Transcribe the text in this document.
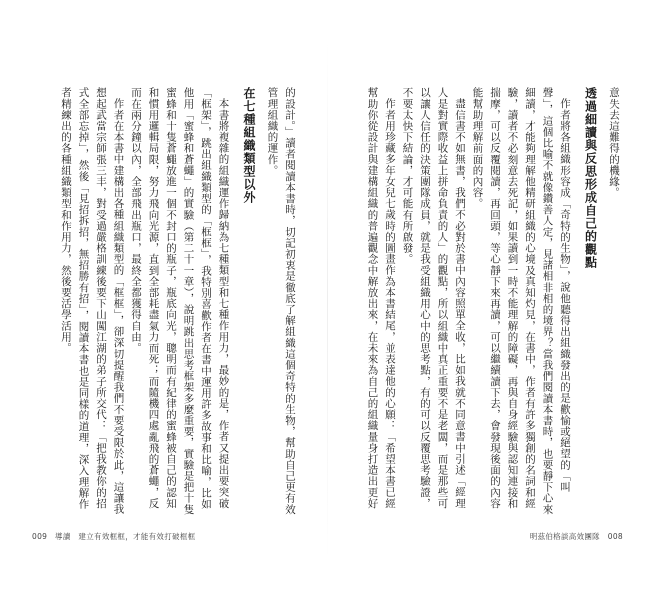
的設計。」讀者閱讀本書時，切記初衷是徹底了解組織這個奇特的生物，幫助自己更有效管理組織的運作。

在七種組織類型以外

本書將複雜的組織運作歸納為七種類型和七種作用力，最妙的是，作者又提出要突破「框架」，跳出組織類型的「框框」，我特別喜歡作者在書中運用許多故事和比喻，比如他用「蜜蜂和蒼蠅」的實驗（第二十一章），說明跳出思考框架多麼重要，實驗是把十隻蜜蜂和十隻蒼蠅放進一個不封口的瓶子，瓶底向光，聰明而有紀律的蜜蜂被自己的認知和慣用邏輯局限，努力飛向光源，直到全部耗盡氣力而死；而隨機四處亂飛的蒼蠅，反而在兩分鐘以內，全部飛出瓶口，最終全都獲得自由。

作者在本書中建構出各種組織類型的「框框」，卻深切提醒我們不要受限於此，這讓我想起武當宗師張三丰，對受過嚴格訓練後要下山闖江湖的弟子所交代：「把我教你的招式全部忘掉」，然後「見招拆招，無招勝有招」，閱讀本書也是同樣的道理，深入理解作者精練出的各種組織類型和作用力，然後要活學活用。

009　導讀　建立有效框框，才能有效打破框框

意失去這難得的機緣。

透過細讀與反思形成自己的觀點

作者將各組織形容成「奇特的生物」，說他聽得出組織發出的是歡愉或絕望的「叫聲」，這個比喻不就像鑽善人定，見諸相非相的境界？當我們閱讀本書時，也要靜下心來細讀，才能夠理解他精研組織的心境及真知灼見，在書中，作者有許多獨創的名詞和經驗，讀者不必刻意去死記，如果讀到一時不能理解的障礙，再與自身經驗與認知連接和揣摩，可以反覆閱讀，再回頭，等心靜下來再讀，可以繼續讀下去，會發現後面的內容能幫助理解前面的內容。

盡信書不如無書，我們不必對於書中內容照單全收，比如我就不同意書中引述「經理人是對實際收益上拼命負責的人」的觀點，所以組織中真正重要不是老闆，而是那些可以讓人信任的決策團隊成員，就是我受組織用心中的思考點，有的可以反覆思考驗證，不要太快下結論，才可能有所啟發。

作者用珍藏多年女兒七歲時的圖畫作為本書結尾，並表達他的心願：「希望本書已經幫助你從設計與建構組織的普遍觀念中解放出來，在未來為自己的組織量身打造出更好

明茲伯格談高效團隊　008
